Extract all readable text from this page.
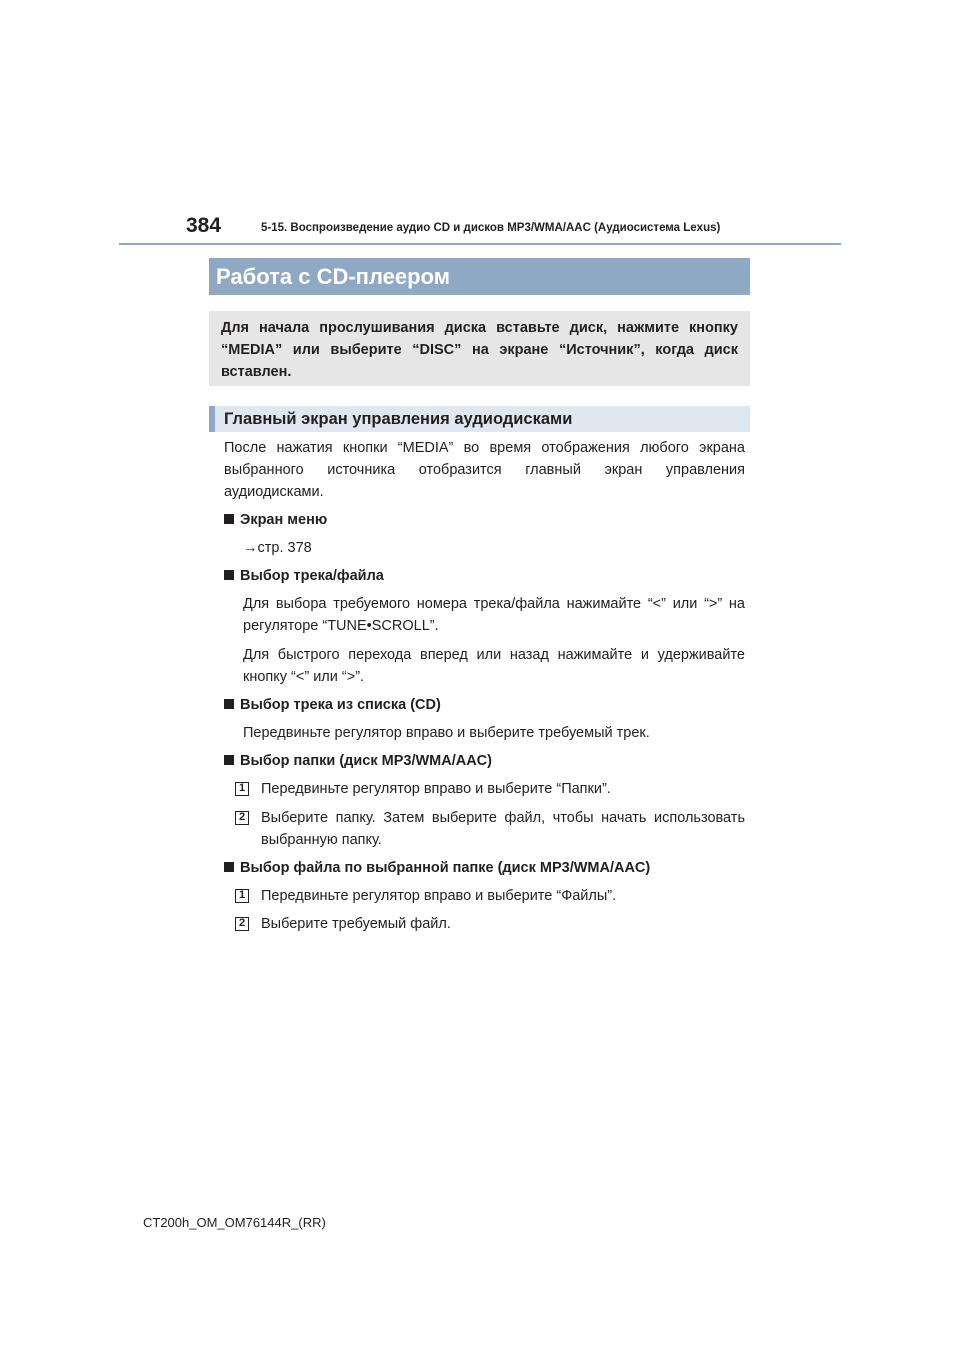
384	5-15. Воспроизведение аудио CD и дисков MP3/WMA/AAC (Аудиосистема Lexus)
Работа с CD-плеером
Для начала прослушивания диска вставьте диск, нажмите кнопку “MEDIA” или выберите “DISC” на экране “Источник”, когда диск вставлен.
Главный экран управления аудиодисками
После нажатия кнопки “MEDIA” во время отображения любого экрана выбранного источника отобразится главный экран управления аудиодисками.
Экран меню
→стр. 378
Выбор трека/файла
Для выбора требуемого номера трека/файла нажимайте “<” или “>” на регуляторе “TUNE•SCROLL”.
Для быстрого перехода вперед или назад нажимайте и удерживайте кнопку “<” или “>”.
Выбор трека из списка (CD)
Передвиньте регулятор вправо и выберите требуемый трек.
Выбор папки (диск MP3/WMA/AAC)
1 Передвиньте регулятор вправо и выберите “Папки”.
2 Выберите папку. Затем выберите файл, чтобы начать использовать выбранную папку.
Выбор файла по выбранной папке (диск MP3/WMA/AAC)
1 Передвиньте регулятор вправо и выберите “Файлы”.
2 Выберите требуемый файл.
CT200h_OM_OM76144R_(RR)
